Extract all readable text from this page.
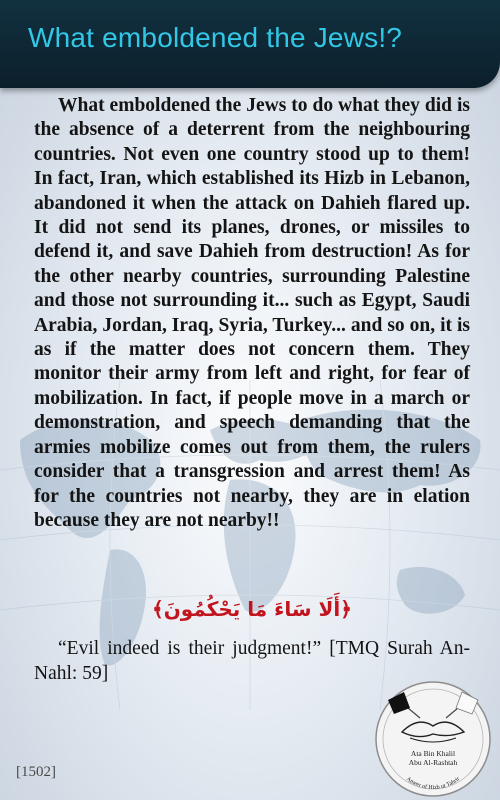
What emboldened the Jews!?

What emboldened the Jews to do what they did is the absence of a deterrent from the neighbouring countries. Not even one country stood up to them! In fact, Iran, which established its Hizb in Lebanon, abandoned it when the attack on Dahieh flared up. It did not send its planes, drones, or missiles to defend it, and save Dahieh from destruction! As for the other nearby countries, surrounding Palestine and those not surrounding it... such as Egypt, Saudi Arabia, Jordan, Iraq, Syria, Turkey... and so on, it is as if the matter does not concern them. They monitor their army from left and right, for fear of mobilization. In fact, if people move in a march or demonstration, and speech demanding that the armies mobilize comes out from them, the rulers consider that a transgression and arrest them! As for the countries not nearby, they are in elation because they are not nearby!!

﴿أَلَا سَاءَ مَا يَحْكُمُونَ﴾

“Evil indeed is their judgment!” [TMQ Surah An-Nahl: 59]

[1502]
Ata Bin Khalil
Abu Al-Rashtah
Ameer of Hizb ut Tahrir
